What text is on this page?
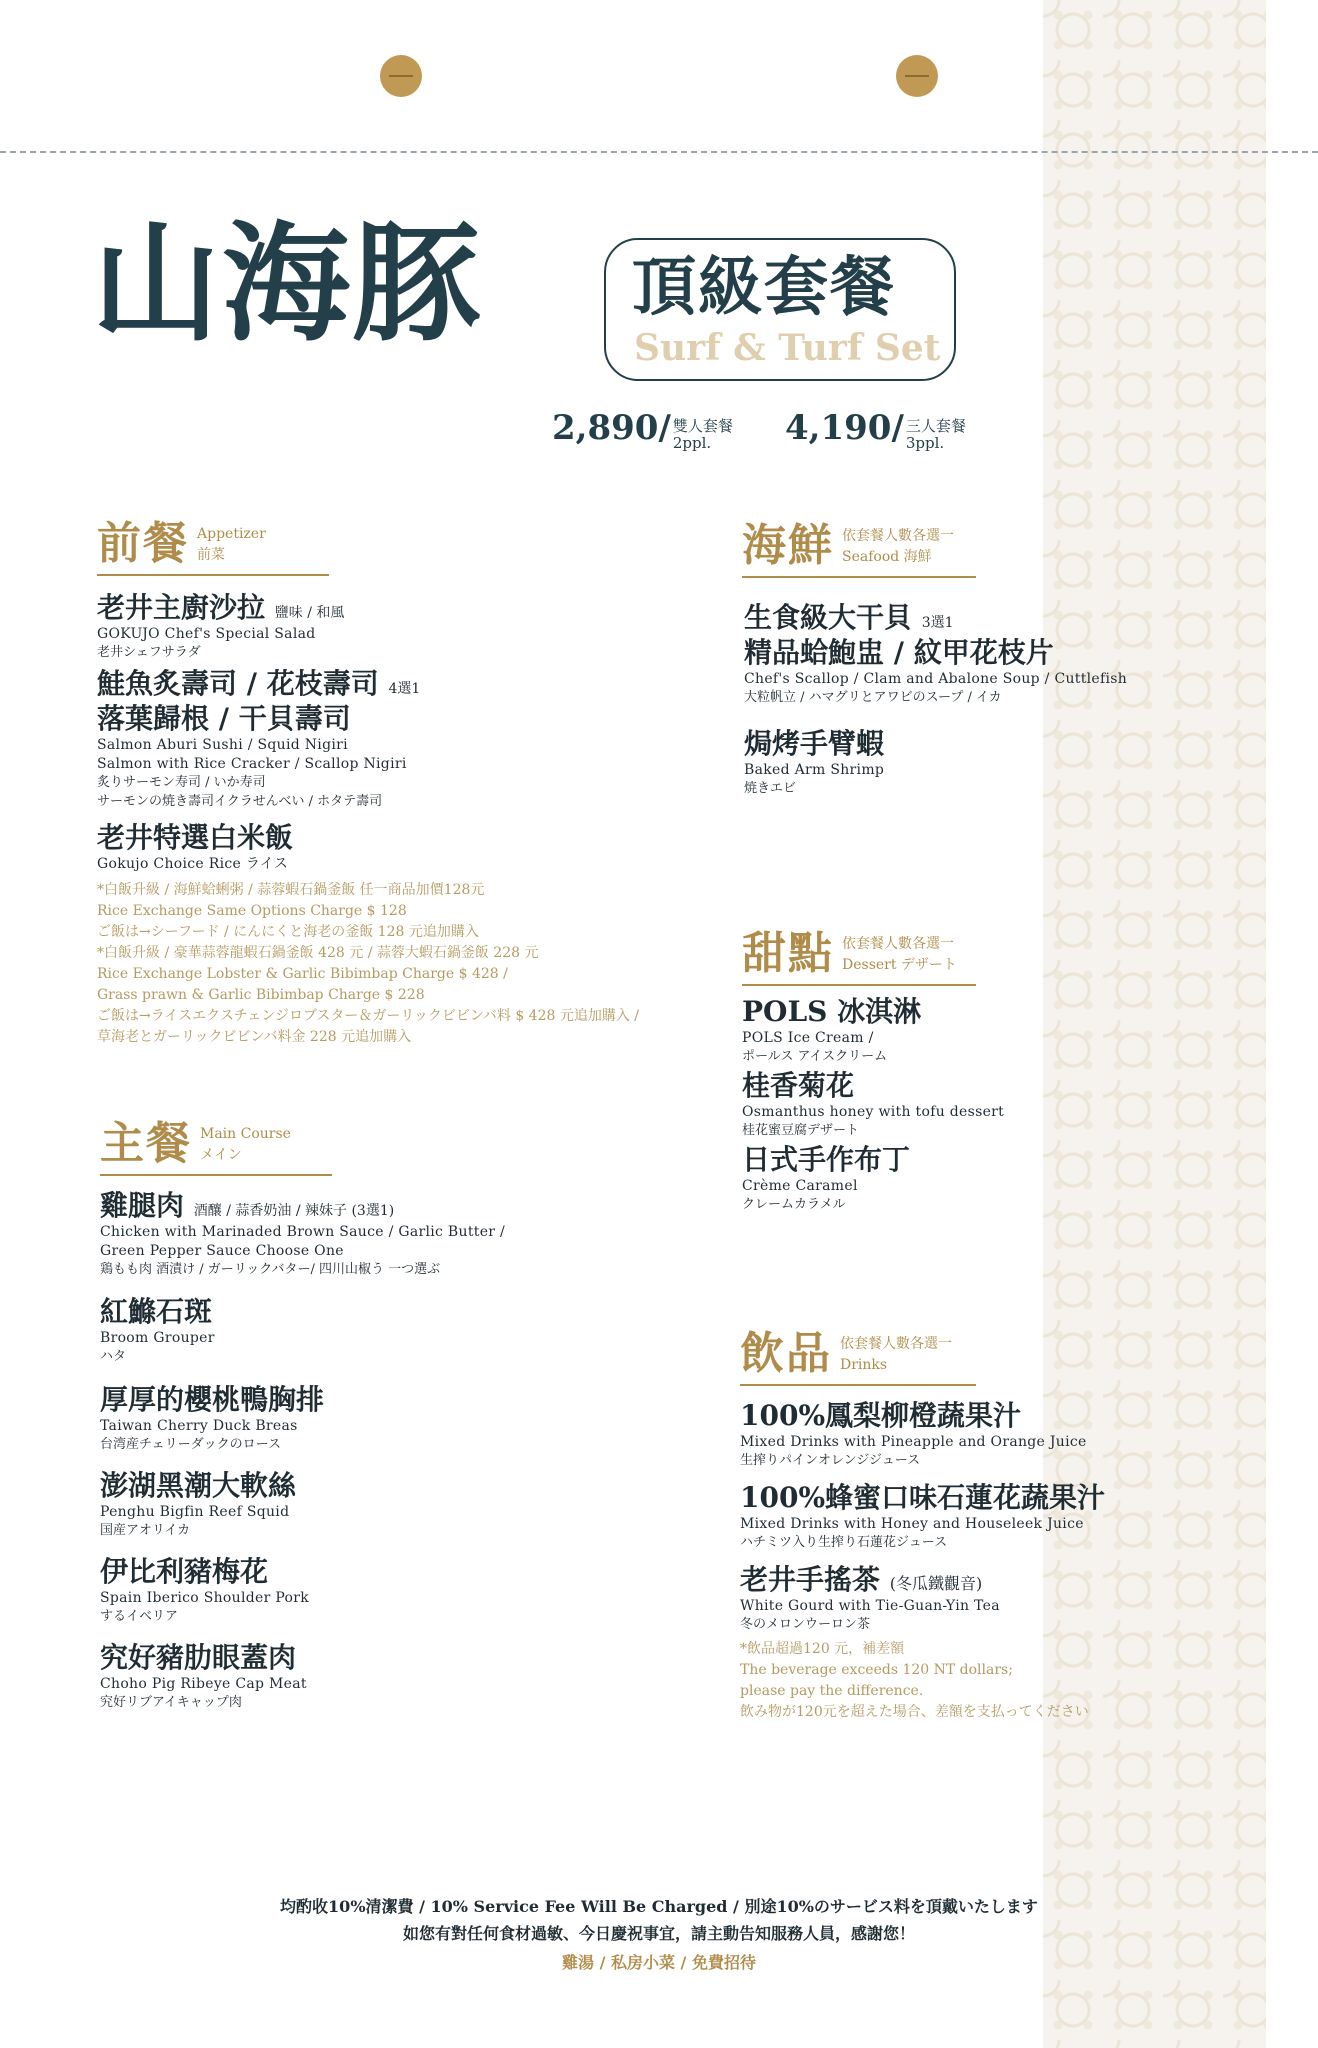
山海豚 頂級套餐
Surf & Turf Set
2,890/ 雙人套餐
2ppl.	4,190/ 三人套餐
3ppl.
前餐 Appetizer
前菜
老井主廚沙拉 鹽味 / 和風
GOKUJO Chef's Special Salad
老井シェフサラダ
鮭魚炙壽司 / 花枝壽司 4選1
落葉歸根 / 干貝壽司
Salmon Aburi Sushi / Squid Nigiri
Salmon with Rice Cracker / Scallop Nigiri
炙りサーモン寿司 / いか寿司
サーモンの焼き壽司イクラせんべい / ホタテ壽司
老井特選白米飯
Gokujo Choice Rice ライス
*白飯升級 / 海鮮蛤蜊粥 / 蒜蓉蝦石鍋釜飯 任一商品加價128元
Rice Exchange Same Options Charge $ 128
ご飯は→シーフード / にんにくと海老の釜飯 128 元追加購入
*白飯升級 / 豪華蒜蓉龍蝦石鍋釜飯 428 元 / 蒜蓉大蝦石鍋釜飯 228 元
Rice Exchange Lobster & Garlic Bibimbap Charge $ 428 /
Grass prawn & Garlic Bibimbap Charge $ 228
ご飯は→ライスエクスチェンジロブスター＆ガーリックビビンバ料 $ 428 元追加購入 /
草海老とガーリックビビンバ料金 228 元追加購入
主餐 Main Course
メイン
雞腿肉 酒釀 / 蒜香奶油 / 辣妹子 (3選1)
Chicken with Marinaded Brown Sauce / Garlic Butter /
Green Pepper Sauce Choose One
鶏もも肉 酒漬け / ガーリックバター/ 四川山椒う 一つ選ぶ
紅鰷石斑
Broom Grouper
ハタ
厚厚的櫻桃鴨胸排
Taiwan Cherry Duck Breas
台湾産チェリーダックのロース
澎湖黑潮大軟絲
Penghu Bigfin Reef Squid
国産アオリイカ
伊比利豬梅花
Spain Iberico Shoulder Pork
するイベリア
究好豬肋眼蓋肉
Choho Pig Ribeye Cap Meat
究好リブアイキャップ肉
海鮮 依套餐人數各選一
Seafood 海鮮
生食級大干貝 3選1
精品蛤鮑盅 / 紋甲花枝片
Chef's Scallop / Clam and Abalone Soup / Cuttlefish
大粒帆立 / ハマグリとアワビのスープ / イカ
焗烤手臂蝦
Baked Arm Shrimp
焼きエビ
甜點 依套餐人數各選一
Dessert デザート
POLS 冰淇淋
POLS Ice Cream /
ポールス アイスクリーム
桂香菊花
Osmanthus honey with tofu dessert
桂花蜜豆腐デザート
日式手作布丁
Crème Caramel
クレームカラメル
飲品 依套餐人數各選一
Drinks
100%鳳梨柳橙蔬果汁
Mixed Drinks with Pineapple and Orange Juice
生搾りパインオレンジジュース
100%蜂蜜口味石蓮花蔬果汁
Mixed Drinks with Honey and Houseleek Juice
ハチミツ入り生搾り石蓮花ジュース
老井手搖茶 (冬瓜鐵觀音)
White Gourd with Tie-Guan-Yin Tea
冬のメロンウーロン茶
*飲品超過120 元，補差額
The beverage exceeds 120 NT dollars;
please pay the difference.
飲み物が120元を超えた場合、差額を支払ってください
均酌收10%清潔費 / 10% Service Fee Will Be Charged / 別途10%のサービス料を頂戴いたします
如您有對任何食材過敏、今日慶祝事宜，請主動告知服務人員，感謝您！
雞湯 / 私房小菜 / 免費招待
